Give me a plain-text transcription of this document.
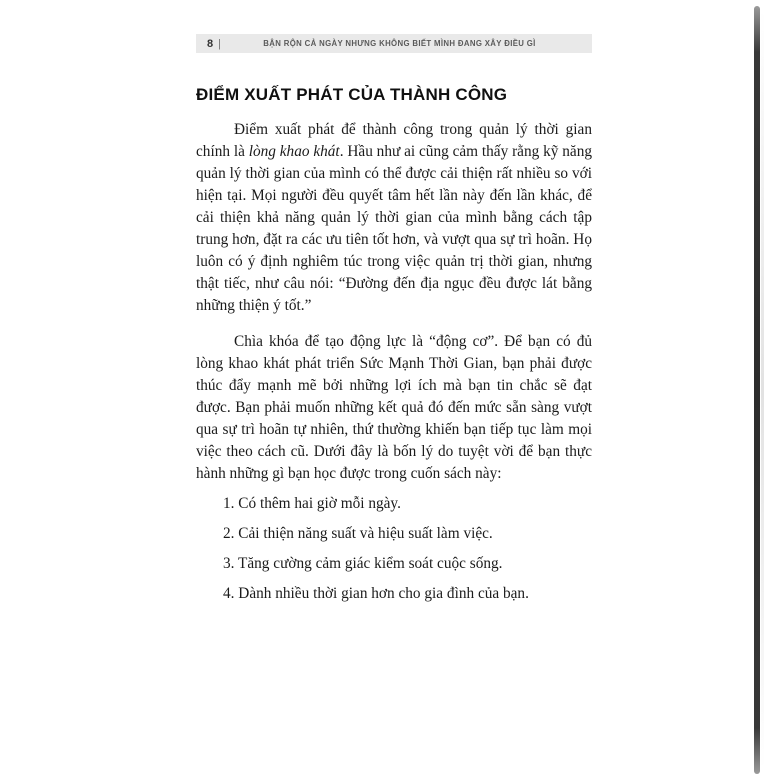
8 |	BẬN RỘN CẢ NGÀY NHƯNG KHÔNG BIẾT MÌNH ĐANG XÂY ĐIỀU GÌ
ĐIỂM XUẤT PHÁT CỦA THÀNH CÔNG

Điểm xuất phát để thành công trong quản lý thời gian chính là lòng khao khát. Hầu như ai cũng cảm thấy rằng kỹ năng quản lý thời gian của mình có thể được cải thiện rất nhiều so với hiện tại. Mọi người đều quyết tâm hết lần này đến lần khác, để cải thiện khả năng quản lý thời gian của mình bằng cách tập trung hơn, đặt ra các ưu tiên tốt hơn, và vượt qua sự trì hoãn. Họ luôn có ý định nghiêm túc trong việc quản trị thời gian, nhưng thật tiếc, như câu nói: “Đường đến địa ngục đều được lát bằng những thiện ý tốt.”

Chìa khóa để tạo động lực là “động cơ”. Để bạn có đủ lòng khao khát phát triển Sức Mạnh Thời Gian, bạn phải được thúc đẩy mạnh mẽ bởi những lợi ích mà bạn tin chắc sẽ đạt được. Bạn phải muốn những kết quả đó đến mức sẵn sàng vượt qua sự trì hoãn tự nhiên, thứ thường khiến bạn tiếp tục làm mọi việc theo cách cũ. Dưới đây là bốn lý do tuyệt vời để bạn thực hành những gì bạn học được trong cuốn sách này:

1. Có thêm hai giờ mỗi ngày.
2. Cải thiện năng suất và hiệu suất làm việc.
3. Tăng cường cảm giác kiểm soát cuộc sống.
4. Dành nhiều thời gian hơn cho gia đình của bạn.
